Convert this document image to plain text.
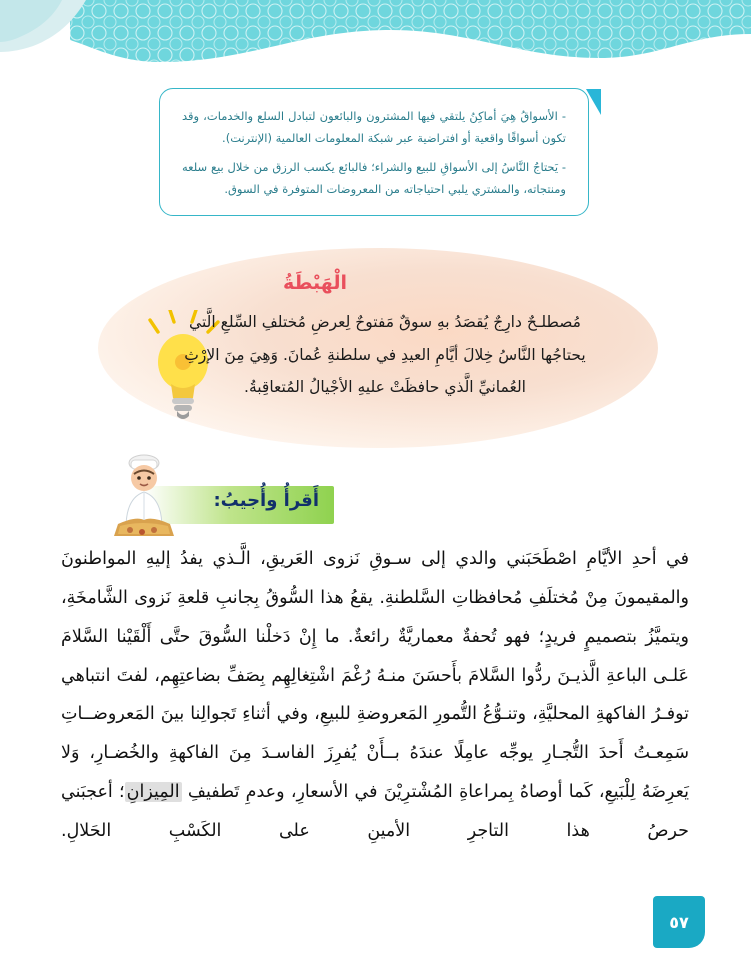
- الأسواقُ هِيَ أماكِنُ يلتقي فيها المشترون والبائعون لتبادل السلع والخدمات، وقد تكون أسواقًا واقعية أو افتراضية عبر شبكة المعلومات العالمية (الإنترنت).

- يَحتاجُ النَّاسُ إلى الأسواقِ للبيع والشراء؛ فالبائع يكسب الرزق من خلال بيع سلعه ومنتجاته، والمشتري يلبي احتياجاته من المعروضات المتوفرة في السوق.

الْهَبْطَةُ
مُصطلـحٌ دارِجٌ يُقصَدُ بهِ سوقٌ مَفتوحٌ لِعرضِ مُختلفِ السِّلعِ الَّتي يحتاجُها النَّاسُ خِلالَ أيَّامِ العيدِ في سلطنةِ عُمانَ. وَهِيَ مِنَ الإرْثِ العُمانيِّ الَّذي حافظَتْ عليهِ الأجْيالُ المُتعاقِبةُ.
أَقرأُ وأُجيبُ:
في أحدِ الأيَّامِ اصْطَحَبَني والدي إلى سـوقِ نَزوى العَريقِ، الَّـذي يفدُ إليهِ المواطنونَ والمقيمونَ مِنْ مُختلَفِ مُحافظاتِ السَّلطنةِ. يقعُ هذا السُّوقُ بِجانبِ قلعةِ نَزوى الشَّامخَةِ، ويتميَّزُ بتصميمٍ فريدٍ؛ فهو تُحفةٌ معماريَّةٌ رائعةٌ. ما إِنْ دَخلْنا السُّوقَ حتَّى أَلْقَيْنا السَّلامَ عَلـى الباعةِ الَّذيـنَ ردُّوا السَّلامَ بأَحسَنَ منـهُ رُغْمَ اشْتِغالِهِم بِصَفِّ بضاعتِهِم، لفتَ انتباهي توفـرُ الفاكهةِ المحليَّةِ، وتنـوُّعُ التُّمورِ المَعروضةِ للبيعِ، وفي أثناءِ تَجوالِنا بينَ المَعروضــاتِ سَمِعـتُ أَحدَ التُّجـارِ يوجِّه عامِلًا عندَهُ بــأَنْ يُفرِزَ الفاسـدَ مِنَ الفاكهةِ والخُضـارِ، وَلا يَعرِضَهُ لِلْبَيعِ، كَما أوصاهُ بِمراعاةِ المُشْترِيْنَ في الأسعارِ، وعدمِ تَطفيفِ المِيزانِ؛ أعجبَني حرصُ هذا التاجرِ الأمينِ على الكَسْبِ الحَلالِ.
٥٧
